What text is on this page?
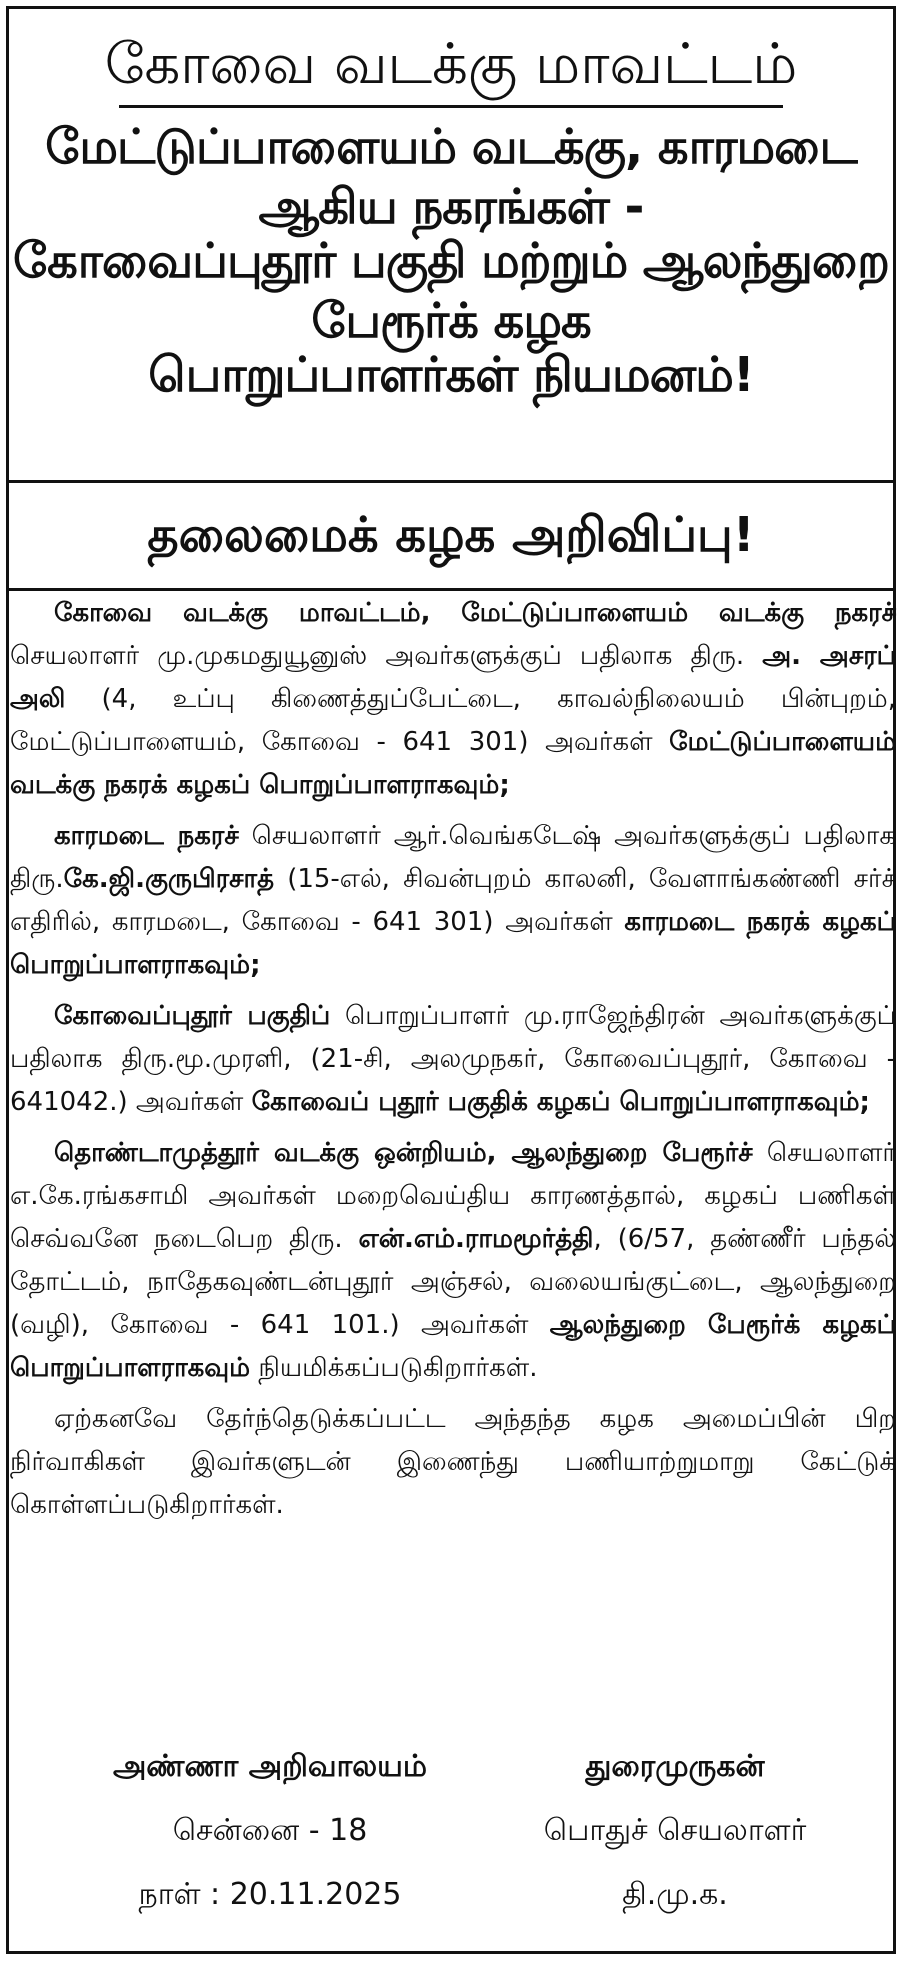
கோவை வடக்கு மாவட்டம்
மேட்டுப்பாளையம் வடக்கு, காரமடை ஆகிய நகரங்கள் -
கோவைப்புதூர் பகுதி மற்றும் ஆலந்துறை பேரூர்க் கழக
பொறுப்பாளர்கள் நியமனம்!
தலைமைக் கழக அறிவிப்பு!

கோவை வடக்கு மாவட்டம், மேட்டுப்பாளையம் வடக்கு நகரச் செயலாளர் மு.முகமதுயூனுஸ் அவர்களுக்குப் பதிலாக திரு. அ. அசரப் அலி (4, உப்பு கிணைத்துப்பேட்டை, காவல்நிலையம் பின்புறம், மேட்டுப்பாளையம், கோவை - 641 301) அவர்கள் மேட்டுப்பாளையம் வடக்கு நகரக் கழகப் பொறுப்பாளராகவும்;

காரமடை நகரச் செயலாளர் ஆர்.வெங்கடேஷ் அவர்களுக்குப் பதிலாக திரு.கே.ஜி.குருபிரசாத் (15-எல், சிவன்புறம் காலனி, வேளாங்கண்ணி சர்ச் எதிரில், காரமடை, கோவை - 641 301) அவர்கள் காரமடை நகரக் கழகப் பொறுப்பாளராகவும்;

கோவைப்புதூர் பகுதிப் பொறுப்பாளர் மு.ராஜேந்திரன் அவர்களுக்குப் பதிலாக திரு.மூ.முரளி, (21-சி, அலமுநகர், கோவைப்புதூர், கோவை - 641042.) அவர்கள் கோவைப் புதூர் பகுதிக் கழகப் பொறுப்பாளராகவும்;

தொண்டாமுத்தூர் வடக்கு ஒன்றியம், ஆலந்துறை பேரூர்ச் செயலாளர் எ.கே.ரங்கசாமி அவர்கள் மறைவெய்திய காரணத்தால், கழகப் பணிகள் செவ்வனே நடைபெற திரு. என்.எம்.ராமமூர்த்தி, (6/57, தண்ணீர் பந்தல் தோட்டம், நாதேகவுண்டன்புதூர் அஞ்சல், வலையங்குட்டை, ஆலந்துறை (வழி), கோவை - 641 101.) அவர்கள் ஆலந்துறை பேரூர்க் கழகப் பொறுப்பாளராகவும் நியமிக்கப்படுகிறார்கள்.

ஏற்கனவே தேர்ந்தெடுக்கப்பட்ட அந்தந்த கழக அமைப்பின் பிற நிர்வாகிகள் இவர்களுடன் இணைந்து பணியாற்றுமாறு கேட்டுக் கொள்ளப்படுகிறார்கள்.

அண்ணா அறிவாலயம்
சென்னை - 18
நாள் : 20.11.2025
துரைமுருகன்
பொதுச் செயலாளர்
தி.மு.க.
